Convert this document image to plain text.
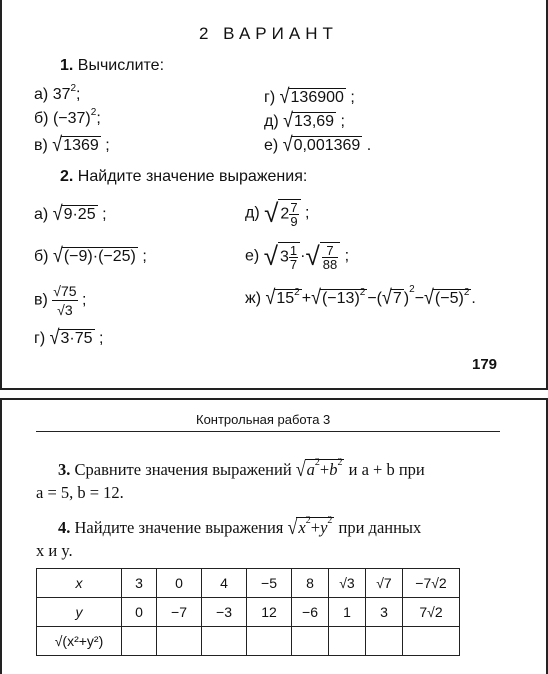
2 ВАРИАНТ
1. Вычислите:
а) $37^2$;
б) $(-37)^2$;
в) √1369 ;
г) √136900 ;
д) √13,69 ;
е) √0,001369 .
2. Найдите значение выражения:
а) √9·25 ;
б) √(−9)·(−25) ;
$в) \frac{√75}{√3}$ ;
г) √3·75 ;
д) √ $2 \frac{7}{9}$ ;
е) √ $3 \frac{1}{7}$ ·√ $\frac{7}{88}$ ;
ж) $√15^2 +√(-13)^2 -(√7$ )$^2-√(-5)^2$ .
179
Контрольная работа 3
3. Сравните значения выражений $√a^2+b^2$ и a + b при
a = 5, b = 12.
4. Найдите значение выражения $√x^2+y^2$ при данных
x и y.
x	3	0	4	−5	8	√3	√7	−7√2
y	0	−7	−3	12	−6	1	3	7√2
√(x²+y²)								
